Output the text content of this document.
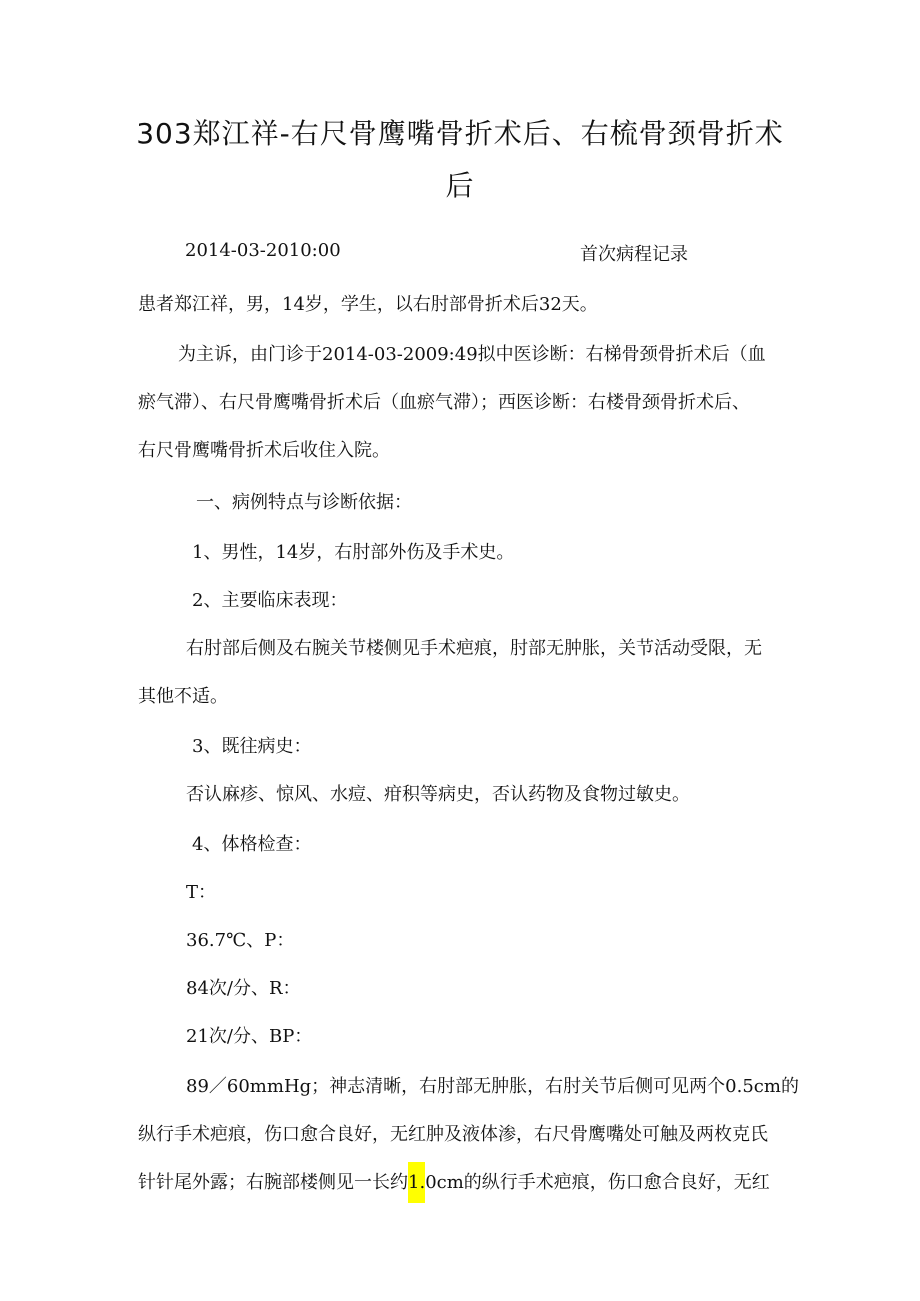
303郑江祥-右尺骨鹰嘴骨折术后、右梳骨颈骨折术
后
2014-03-2010:00	首次病程记录
患者郑江祥，男，14岁，学生，以右肘部骨折术后32天。
为主诉，由门诊于2014-03-2009:49拟中医诊断：右梯骨颈骨折术后（血
瘀气滞）、右尺骨鹰嘴骨折术后（血瘀气滞）；西医诊断：右楼骨颈骨折术后、
右尺骨鹰嘴骨折术后收住入院。
一、病例特点与诊断依据：
1、男性，14岁，右肘部外伤及手术史。
2、主要临床表现：
右肘部后侧及右腕关节楼侧见手术疤痕，肘部无肿胀，关节活动受限，无
其他不适。
3、既往病史：
否认麻疹、惊风、水痘、疳积等病史，否认药物及食物过敏史。
4、体格检查：
T：
36.7℃、P：
84次/分、R：
21次/分、BP：
89／60mmHg；神志清晰，右肘部无肿胀，右肘关节后侧可见两个0.5cm的
纵行手术疤痕，伤口愈合良好，无红肿及液体渗，右尺骨鹰嘴处可触及两枚克氏
针针尾外露；右腕部楼侧见一长约1.0cm的纵行手术疤痕，伤口愈合良好，无红
